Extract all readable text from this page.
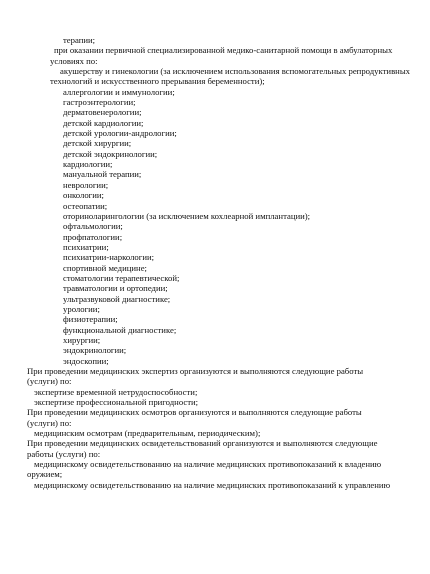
терапии;
при оказании первичной специализированной медико-санитарной помощи в амбулаторных
условиях по:
акушерству и гинекологии (за исключением использования вспомогательных репродуктивных
технологий и искусственного прерывания беременности);
аллергологии и иммунологии;
гастроэнтерологии;
дерматовенерологии;
детской кардиологии;
детской урологии-андрологии;
детской хирургии;
детской эндокринологии;
кардиологии;
мануальной терапии;
неврологии;
онкологии;
остеопатии;
оториноларингологии (за исключением кохлеарной имплантации);
офтальмологии;
профпатологии;
психиатрии;
психиатрии-наркологии;
спортивной медицине;
стоматологии терапевтической;
травматологии и ортопедии;
ультразвуковой диагностике;
урологии;
физиотерапии;
функциональной диагностике;
хирургии;
эндокринологии;
эндоскопии;
При проведении медицинских экспертиз организуются и выполняются следующие работы
(услуги) по:
экспертизе временной нетрудоспособности;
экспертизе профессиональной пригодности;
При проведении медицинских осмотров организуются и выполняются следующие работы
(услуги) по:
медицинским осмотрам (предварительным, периодическим);
При проведении медицинских освидетельствований организуются и выполняются следующие
работы (услуги) по:
медицинскому освидетельствованию на наличие медицинских противопоказаний к владению
оружием;
медицинскому освидетельствованию на наличие медицинских противопоказаний к управлению
